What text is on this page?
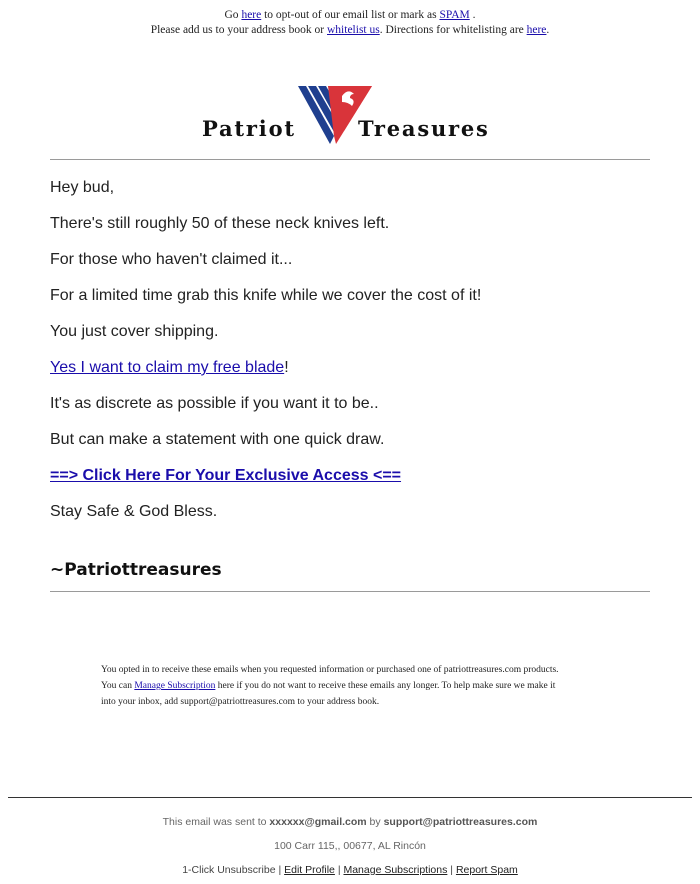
Go here to opt-out of our email list or mark as SPAM .
Please add us to your address book or whitelist us. Directions for whitelisting are here.
Patriot	Treasures

Hey bud,

There's still roughly 50 of these neck knives left.

For those who haven't claimed it...

For a limited time grab this knife while we cover the cost of it!

You just cover shipping.

Yes I want to claim my free blade!

It's as discrete as possible if you want it to be..

But can make a statement with one quick draw.

==> Click Here For Your Exclusive Access <==

Stay Safe & God Bless.

~Patriottreasures
You opted in to receive these emails when you requested information or purchased one of patriottreasures.com products.
You can Manage Subscription here if you do not want to receive these emails any longer. To help make sure we make it
into your inbox, add support@patriottreasures.com to your address book.
This email was sent to xxxxxx@gmail.com by support@patriottreasures.com
100 Carr 115,, 00677, AL Rincón
1-Click Unsubscribe | Edit Profile | Manage Subscriptions | Report Spam
